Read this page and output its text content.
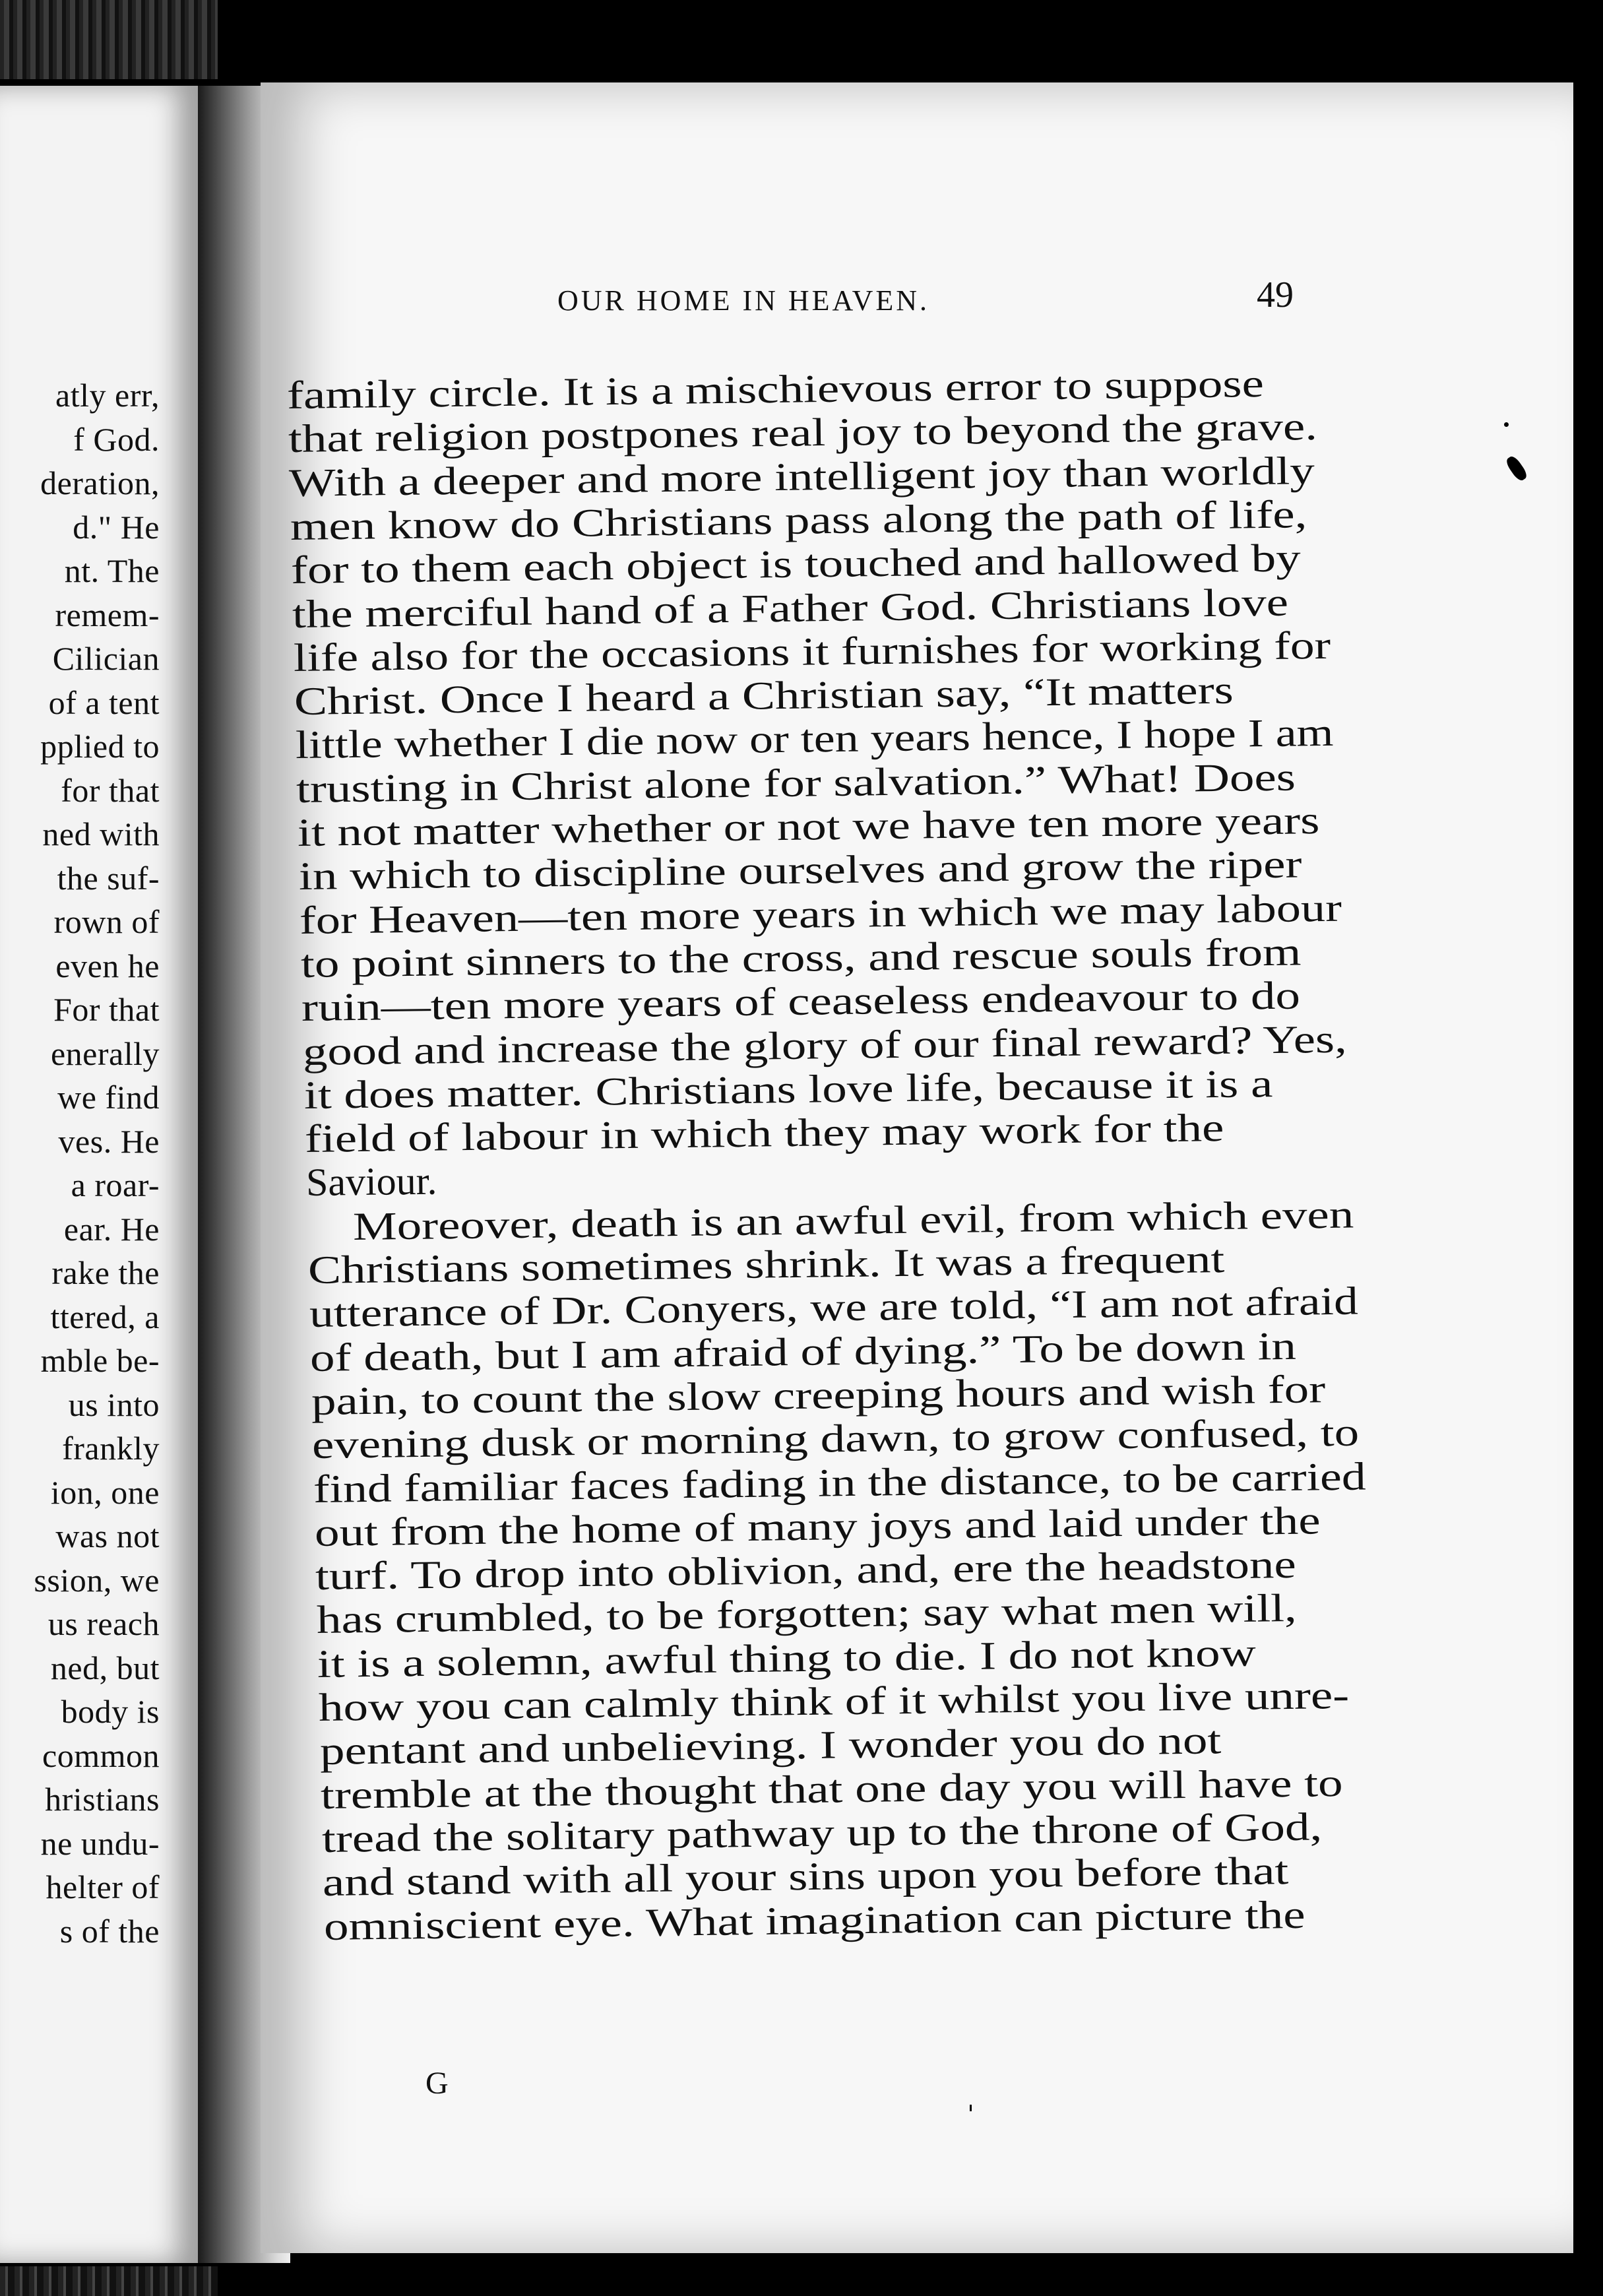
atly err,
f God.
deration,
d." He
nt. The
remem-
Cilician
of a tent
pplied to
for that
ned with
the suf-
rown of
even he
For that
enerally
we find
ves. He
a roar-
ear. He
rake the
ttered, a
mble be-
us into
frankly
ion, one
was not
ssion, we
us reach
ned, but
body is
common
hristians
ne undu-
helter of
s of the
OUR HOME IN HEAVEN.	49
family circle. It is a mischievous error to suppose
that religion postpones real joy to beyond the grave.
With a deeper and more intelligent joy than worldly
men know do Christians pass along the path of life,
for to them each object is touched and hallowed by
the merciful hand of a Father God. Christians love
life also for the occasions it furnishes for working for
Christ. Once I heard a Christian say, “It matters
little whether I die now or ten years hence, I hope I am
trusting in Christ alone for salvation.” What! Does
it not matter whether or not we have ten more years
in which to discipline ourselves and grow the riper
for Heaven—ten more years in which we may labour
to point sinners to the cross, and rescue souls from
ruin—ten more years of ceaseless endeavour to do
good and increase the glory of our final reward? Yes,
it does matter. Christians love life, because it is a
field of labour in which they may work for the
Saviour.
Moreover, death is an awful evil, from which even
Christians sometimes shrink. It was a frequent
utterance of Dr. Conyers, we are told, “I am not afraid
of death, but I am afraid of dying.” To be down in
pain, to count the slow creeping hours and wish for
evening dusk or morning dawn, to grow confused, to
find familiar faces fading in the distance, to be carried
out from the home of many joys and laid under the
turf. To drop into oblivion, and, ere the headstone
has crumbled, to be forgotten; say what men will,
it is a solemn, awful thing to die. I do not know
how you can calmly think of it whilst you live unre-
pentant and unbelieving. I wonder you do not
tremble at the thought that one day you will have to
tread the solitary pathway up to the throne of God,
and stand with all your sins upon you before that
omniscient eye. What imagination can picture the
G
